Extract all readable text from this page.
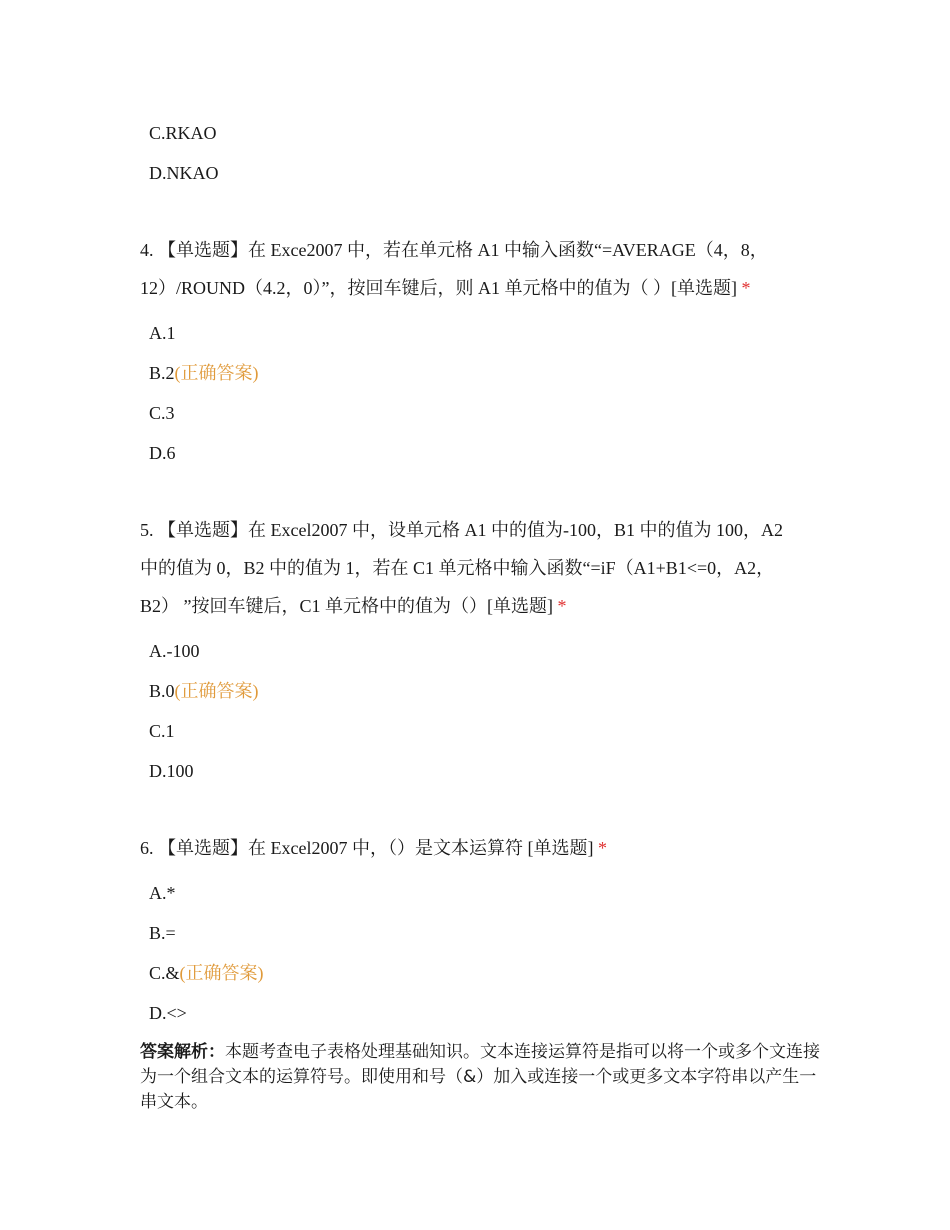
C.RKAO
D.NKAO

4. 【单选题】在 Exce2007 中，若在单元格 A1 中输入函数“=AVERAGE（4，8，
12）/ROUND（4.2，0）”，按回车键后，则 A1 单元格中的值为（ ）[单选题] *

A.1
B.2(正确答案)
C.3
D.6

5. 【单选题】在 Excel2007 中，设单元格 A1 中的值为-100，B1 中的值为 100，A2
中的值为 0，B2 中的值为 1，若在 C1 单元格中输入函数“=iF（A1+B1<=0，A2，
B2） ”按回车键后，C1 单元格中的值为（）[单选题] *

A.-100
B.0(正确答案)
C.1
D.100

6. 【单选题】在 Excel2007 中，（）是文本运算符 [单选题] *

A.*
B.=
C.&(正确答案)
D.<>
答案解析：本题考查电子表格处理基础知识。文本连接运算符是指可以将一个或多个文连接为一个组合文本的运算符号。即使用和号（&）加入或连接一个或更多文本字符串以产生一串文本。
